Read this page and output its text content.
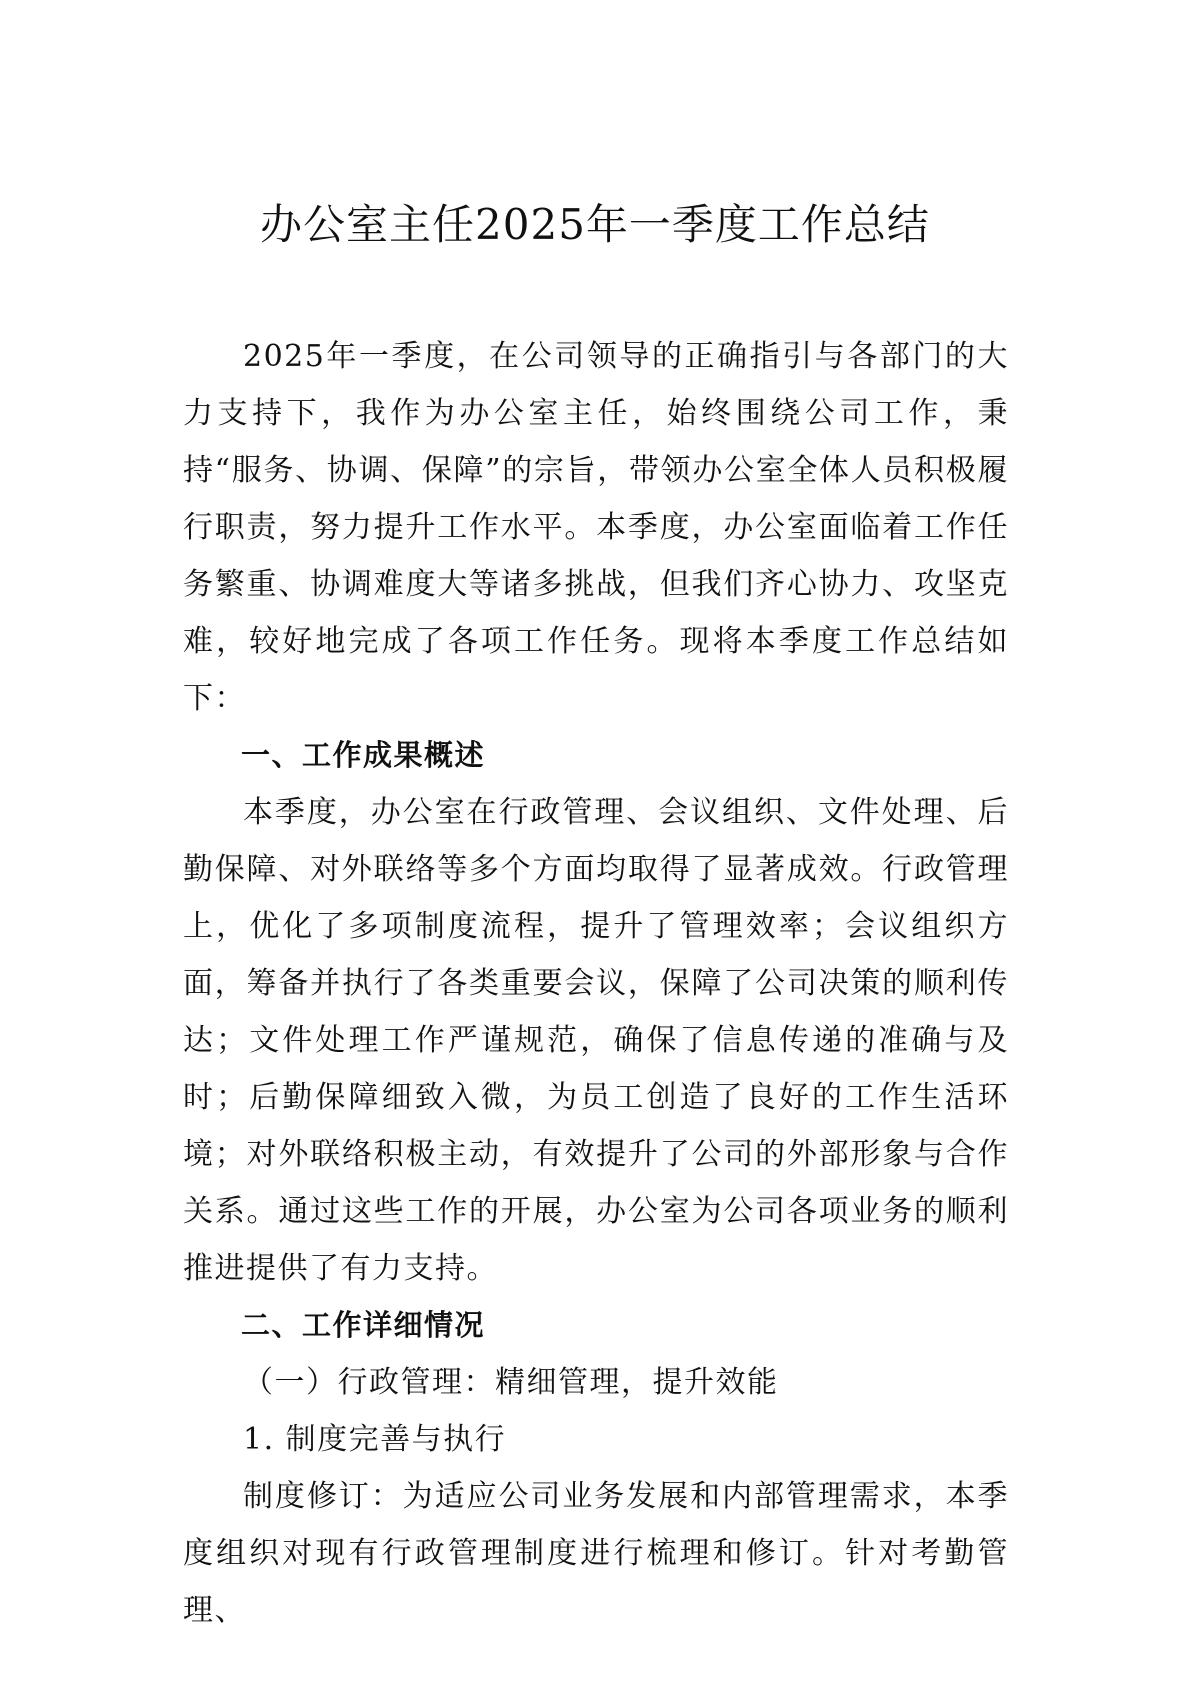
办公室主任2025年一季度工作总结

2025年一季度，在公司领导的正确指引与各部门的大力支持下，我作为办公室主任，始终围绕公司工作，秉持“服务、协调、保障”的宗旨，带领办公室全体人员积极履行职责，努力提升工作水平。本季度，办公室面临着工作任务繁重、协调难度大等诸多挑战，但我们齐心协力、攻坚克难，较好地完成了各项工作任务。现将本季度工作总结如下：

一、工作成果概述

本季度，办公室在行政管理、会议组织、文件处理、后勤保障、对外联络等多个方面均取得了显著成效。行政管理上，优化了多项制度流程，提升了管理效率；会议组织方面，筹备并执行了各类重要会议，保障了公司决策的顺利传达；文件处理工作严谨规范，确保了信息传递的准确与及时；后勤保障细致入微，为员工创造了良好的工作生活环境；对外联络积极主动，有效提升了公司的外部形象与合作关系。通过这些工作的开展，办公室为公司各项业务的顺利推进提供了有力支持。

二、工作详细情况

（一）行政管理：精细管理，提升效能

1. 制度完善与执行

制度修订：为适应公司业务发展和内部管理需求，本季度组织对现有行政管理制度进行梳理和修订。针对考勤管理、
